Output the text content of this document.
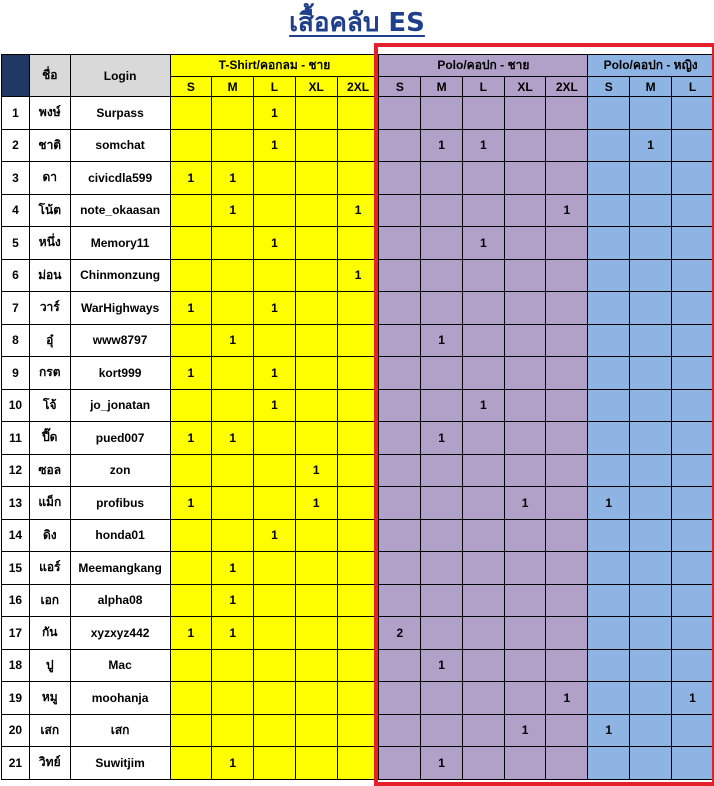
เสื้อคลับ ES
	ชื่อ	Login	T-Shirt/คอกลม - ชาย					Polo/คอปก - ชาย					Polo/คอปก - หญิง		
			S	M	L	XL	2XL	S	M	L	XL	2XL	S	M	L
1	พงษ์	Surpass			1										
2	ชาติ	somchat			1				1	1				1	
3	ดา	civicdla599	1	1											
4	โน้ต	note_okaasan		1			1					1			
5	หนึ่ง	Memory11			1					1					
6	ม่อน	Chinmonzung					1								
7	วาร์	WarHighways	1		1										
8	อุ๋	www8797		1					1						
9	กรต	kort999	1		1										
10	โจ้	jo_jonatan			1					1					
11	ปี๊ด	pued007	1	1					1						
12	ซอล	zon				1									
13	แม็ก	profibus	1			1					1		1		
14	ดิง	honda01			1										
15	แอร์	Meemangkang		1											
16	เอก	alpha08		1											
17	กัน	xyzxyz442	1	1				2							
18	ปู	Mac							1						
19	หมู	moohanja										1			1
20	เสก	เสก									1		1		
21	วิทย์	Suwitjim		1					1						
